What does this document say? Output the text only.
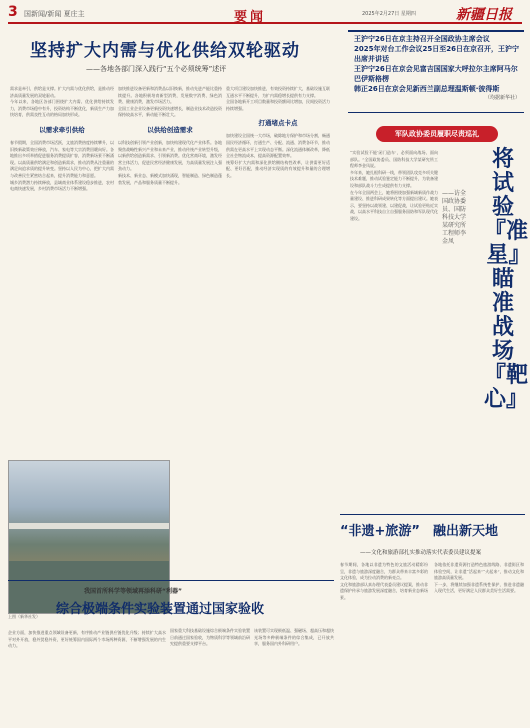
3 国新闻/新闻 夏庄主	要闻	2025年2月27日 星期四	新疆日报
坚持扩大内需与优化供给双轮驱动
——各地各部门深入践行“五个必须统筹”述评
需求是牵引，供给是支撑。扩大内需与优化供给，是推动经济高质量发展的双轮驱动。
今年以来，各地区各部门围绕扩大内需、优化供给持续发力，消费市场稳中有升，投资结构不断优化，新质生产力加快培育，供需良性互动的格局加快形成。
以需求牵引供给
春节假期，全国消费市场活跃，文旅消费热度持续攀升，以旧换新政策效应释放，汽车、家电等大宗消费回暖向好。各地推出多项举措促进服务消费提质扩容，消费新场景不断涌现。以高质量供给满足和创造新需求，推动消费从注重量的满足向追求质的提升转变。坚持以人民为中心，把扩大内需与改善民生紧密结合起来，提升消费能力和意愿。
城乡消费潜力持续释放，县域商业体系建设稳步推进，农村电商快速发展，乡村消费市场活力不断增强。
加快推进设备更新和消费品以旧换新，推动先进产能比重持续提升。各地积极培育新型消费，发展数字消费、绿色消费、健康消费，激发市场活力。
全国工业企业设备更新投资快速增长，制造业技术改造投资保持较高水平，新动能不断壮大。
以供给创造需求
以科技创新引领产业创新，加快构建现代化产业体系。各地聚焦战略性新兴产业和未来产业，推动传统产业转型升级，以新供给创造新需求、引领新消费。优化营商环境，激发经营主体活力，促进民营经济健康发展，为高质量发展注入强劲动力。
新技术、新业态、新模式加快涌现，智能制造、绿色制造蓬勃发展，产品和服务质量不断提升。
重大项目建设加快推进，有效投资持续扩大，基础设施互联互通水平不断提升，为扩内需稳增长提供有力支撑。
全国各地新开工项目数量和投资额同比增加，民间投资活力持续增强。
打通堵点卡点
加快建设全国统一大市场，破除地方保护和市场分割，畅通国民经济循环，打通生产、分配、流通、消费各环节，推动供需在更高水平上实现动态平衡。深化流通体制改革，降低全社会物流成本，提高资源配置效率。
统筹好扩大内需和深化供给侧结构性改革，让供需更好适配、更好匹配，推动经济实现质的有效提升和量的合理增长。
王沪宁26日在京主持召开全国政协主席会议
2025年对台工作会议25日至26日在京召开，王沪宁出席并讲话
王沪宁26日在京会见富吉国国家大呼拉尔主席阿马尔巴伊斯格楞
韩正26日在京会见新西兰副总理温斯顿·彼得斯
（均据新华社）
军队政协委员履职尽责巡礼
“实验试验不能‘闭门造车’，必须面向战场、面向部队。”全国政协委员、国防科技大学某研究所工程师李金凤说。
多年来，她扎根科研一线，带领团队攻克多项关键技术难题，推动试验鉴定能力不断提升，为装备建设和部队战斗力生成提供有力支撑。
在今年全国两会上，她将围绕加强新域新质作战力量建设、推进科研成果转化等方面提出建议。她表示，要坚持以战领建、以建促战，让试验更贴近实战，以高水平科技自立自强服务国防和军队现代化建设。
——访全国政协委员、国防科技大学某研究所工程师李金凤
将试验『准星』瞄准战场『靶心』
上图（新华社发）
“非遗+旅游”　融出新天地
——文化和旅游部扎实推动落实代表委员建议提案
春节期间，各地以非遗为特色的文旅活动精彩纷呈，非遗与旅游深度融合，为群众带来丰富多彩的文化体验，成为拉动消费的新亮点。
文化和旅游部认真办理代表委员建议提案，推动非遗保护传承与旅游发展深度融合，培育新业态新场景。
各地依托非遗资源打造特色旅游线路、非遗街区和体验空间，让非遗“活起来”“火起来”，推动文化和旅游高质量发展。
下一步，将继续加强非遗系统性保护，推进非遗融入现代生活，更好满足人民群众美好生活需要。
我国首所科学等领域再添科研“利器”
综合极端条件实验装置通过国家验收
国家重大科技基础设施综合极端条件实验装置日前通过国家验收，为物质科学等领域前沿研究提供重要支撑平台。
该装置可实现极低温、强磁场、超高压和超快光场等多种极端条件的综合集成，已开放共享，服务国内外科研用户。
企业方面，加快推进重点领域设备更新，有序推动产业链供应链优化升级；持续扩大高水平对外开放，稳外贸稳外资，更好统筹国内国际两个市场两种资源，不断增强发展的内生动力。
